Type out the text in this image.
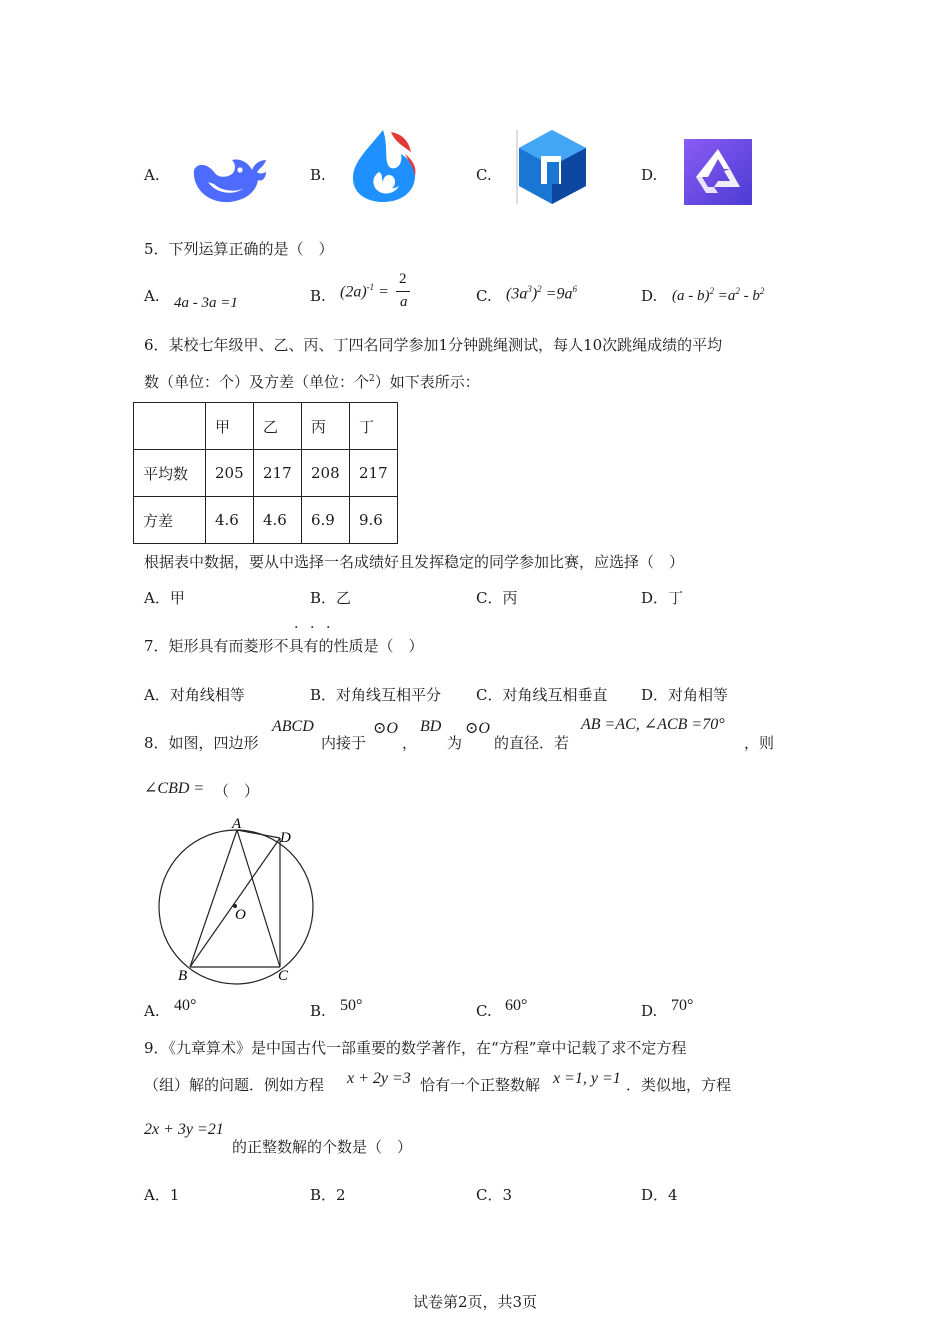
A.	B.	C.	D.
5．下列运算正确的是（　）
A. 4a - 3a =1	B. $(2a)^{-1}$ =
2
a	C. $(3a^3)^2 =9a^6$	D. $(a - b)^2 =a^2 - b^2$
6．某校七年级甲、乙、丙、丁四名同学参加1分钟跳绳测试，每人10次跳绳成绩的平均
数（单位：个）及方差（单位：个$^2$）如下表所示：
	甲	乙	丙	丁
平均数	205	217	208	217
方差	4.6	4.6	6.9	9.6
根据表中数据，要从中选择一名成绩好且发挥稳定的同学参加比赛，应选择（　）
A．甲	B．乙	C．丙	D．丁
· · ·
7．矩形具有而菱形不具有的性质是（　）
A．对角线相等	B．对角线互相平分 C．对角线互相垂直 D．对角相等
8．如图，四边形
ABCD
内接于
⊙O
，
BD
为
⊙O
的直径．若
AB =AC, ∠ACB =70°
，则
∠CBD = （　）
A
D
O
B	C
A. 40°	B. 50°	C. 60°	D. 70°
9．《九章算术》是中国古代一部重要的数学著作，在“方程”章中记载了求不定方程
（组）解的问题．例如方程 x + 2y =3 恰有一个正整数解 x =1, y =1 ．类似地，方程
2x + 3y =21
的正整数解的个数是（　）
A．1	B．2	C．3	D．4
试卷第2页，共3页
